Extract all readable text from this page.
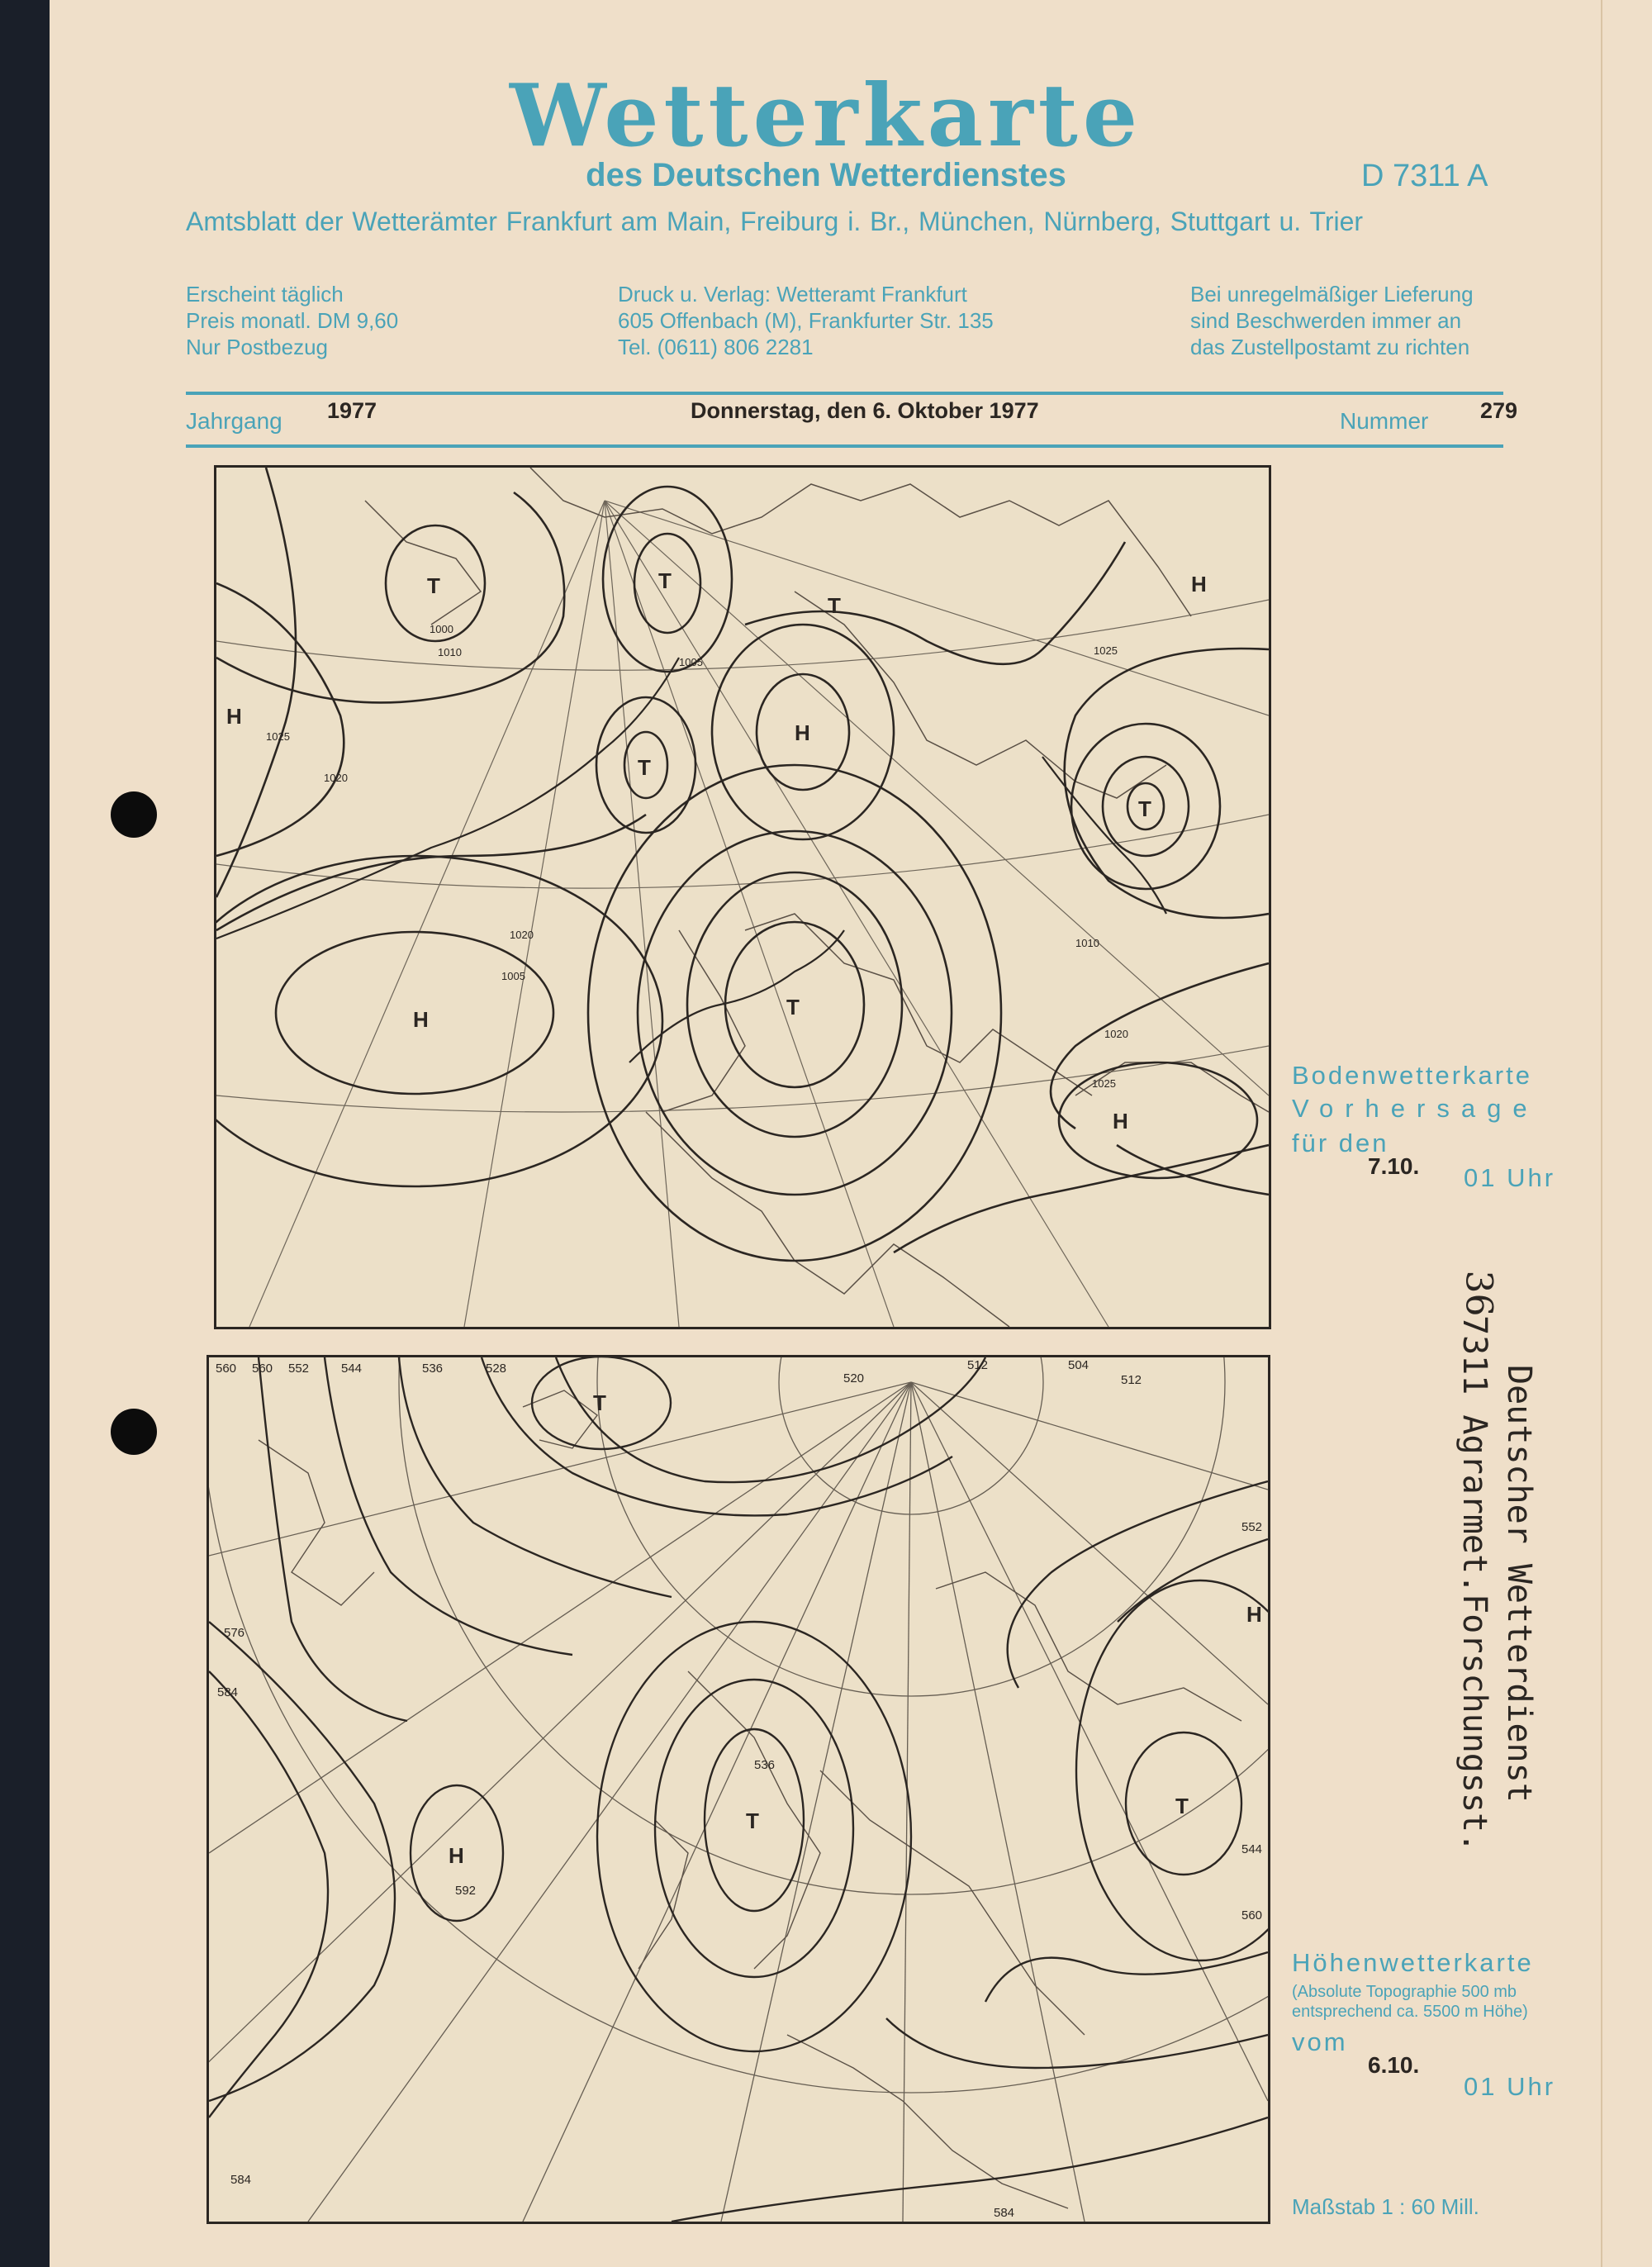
Wetterkarte
des Deutschen Wetterdienstes	D 7311 A
Amtsblatt der Wetterämter Frankfurt am Main, Freiburg i. Br., München, Nürnberg, Stuttgart u. Trier
Erscheint täglich
Preis monatl. DM 9,60
Nur Postbezug
Druck u. Verlag: Wetteramt Frankfurt
605 Offenbach (M), Frankfurter Str. 135
Tel. (0611) 806 2281
Bei unregelmäßiger Lieferung
sind Beschwerden immer an
das Zustellpostamt zu richten
Jahrgang 1977	Donnerstag, den 6. Oktober 1977	Nummer 279
T	T
T
T
T
T
H
H
H
H
H
1000
1010
1025
1020
1005
1025
1010
1020
1005
1025
1020
Bodenwetterkarte
Vorhersage
für den
7.10. 01 Uhr
T
T
T
H
H
560 560 552	544	536	528
520
512	504
512
576
584
592
584
584
544
552
536
560
Höhenwetterkarte
(Absolute Topographie 500 mb
entsprechend ca. 5500 m Höhe)
vom
6.10.
01 Uhr
Maßstab 1 : 60 Mill.
36
7311 Agrarmet.Forschungsst. Deutscher Wetterdienst
